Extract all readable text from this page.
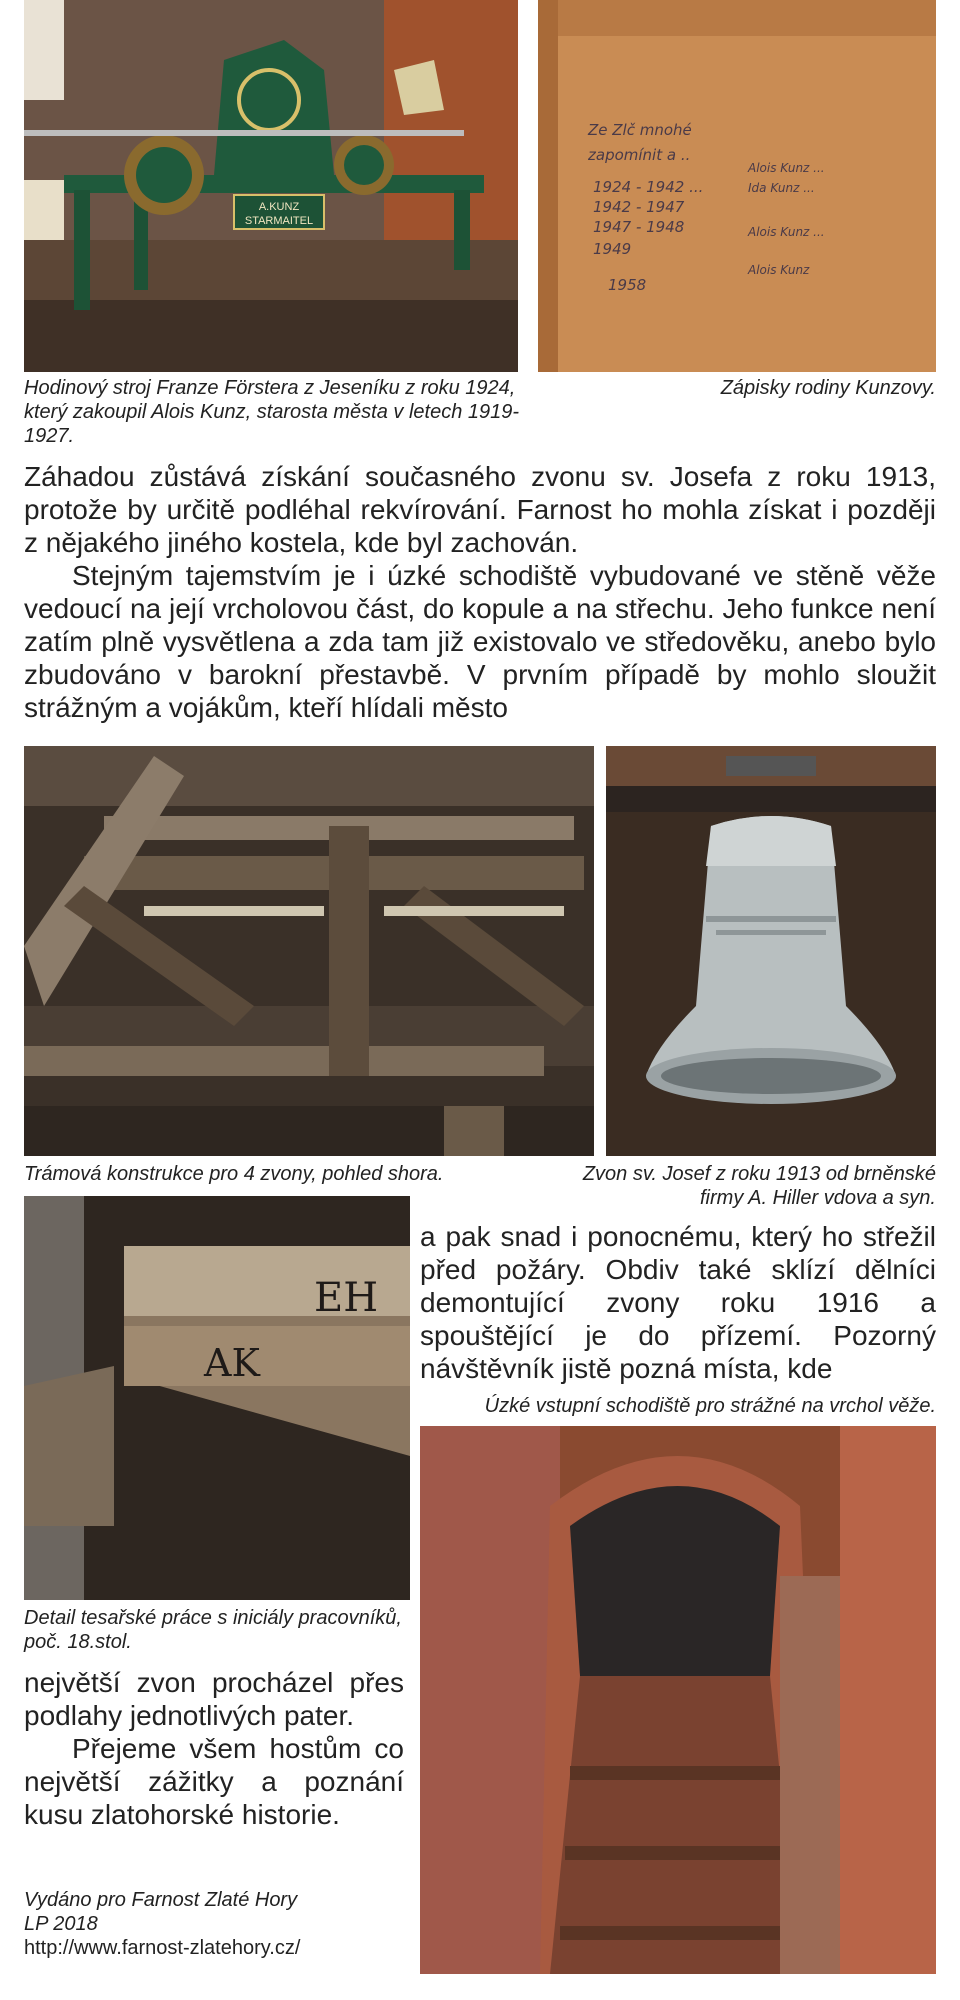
A.KUNZ
STARMAITEL
Ze Zlč mnohé
zapomínit a ..
1924 - 1942 ...
1942 - 1947
1947 - 1948
1949
1958
Alois Kunz ...
Ida Kunz ...
Alois Kunz ...
Alois Kunz
Hodinový stroj Franze Förstera z Jeseníku z roku 1924, který zakoupil Alois Kunz, starosta města v letech 1919-1927.
Zápisky rodiny Kunzovy.

Záhadou zůstává získání současného zvonu sv. Josefa z roku 1913, protože by určitě podléhal rekvírování. Farnost ho mohla získat i později z nějakého jiného kostela, kde byl zachován.

Stejným tajemstvím je i úzké schodiště vybudované ve stěně věže vedoucí na její vrcholovou část, do kopule a na střechu. Jeho funkce není zatím plně vysvětlena a zda tam již existovalo ve středověku, anebo bylo zbudováno v barokní přestavbě. V prvním případě by mohlo sloužit strážným a vojákům, kteří hlídali město

Trámová konstrukce pro 4 zvony, pohled shora.	Zvon sv. Josef z roku 1913 od brněnské firmy A. Hiller vdova a syn.
EH
AK
a pak snad i ponocnému, který ho střežil před požáry. Obdiv také sklízí dělníci demontující zvony roku 1916 a spouštějící je do přízemí. Pozorný návštěvník jistě pozná místa, kde
Úzké vstupní schodiště pro strážné na vrchol věže.
Detail tesařské práce s iniciály pracovníků, poč. 18.stol.

největší zvon procházel přes podlahy jednotlivých pater.

Přejeme všem hostům co největší zážitky a poznání kusu zlatohorské historie.

Vydáno pro Farnost Zlaté Hory
LP 2018
http://www.farnost-zlatehory.cz/
